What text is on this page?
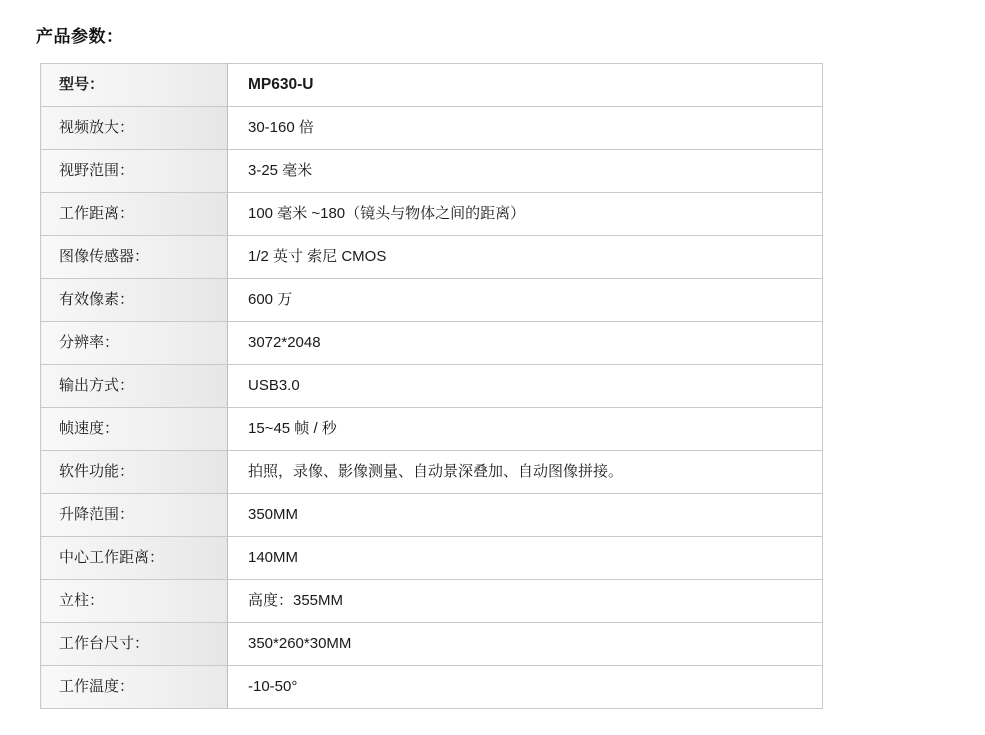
产品参数：
型号：	MP630-U
视频放大：	30-160 倍
视野范围：	3-25 毫米
工作距离：	100 毫米 ~180（镜头与物体之间的距离）
图像传感器：	1/2 英寸 索尼 CMOS
有效像素：	600 万
分辨率：	3072*2048
输出方式：	USB3.0
帧速度：	15~45 帧 / 秒
软件功能：	拍照，录像、影像测量、自动景深叠加、自动图像拼接。
升降范围：	350MM
中心工作距离：	140MM
立柱：	高度：355MM
工作台尺寸：	350*260*30MM
工作温度：	-10-50°
